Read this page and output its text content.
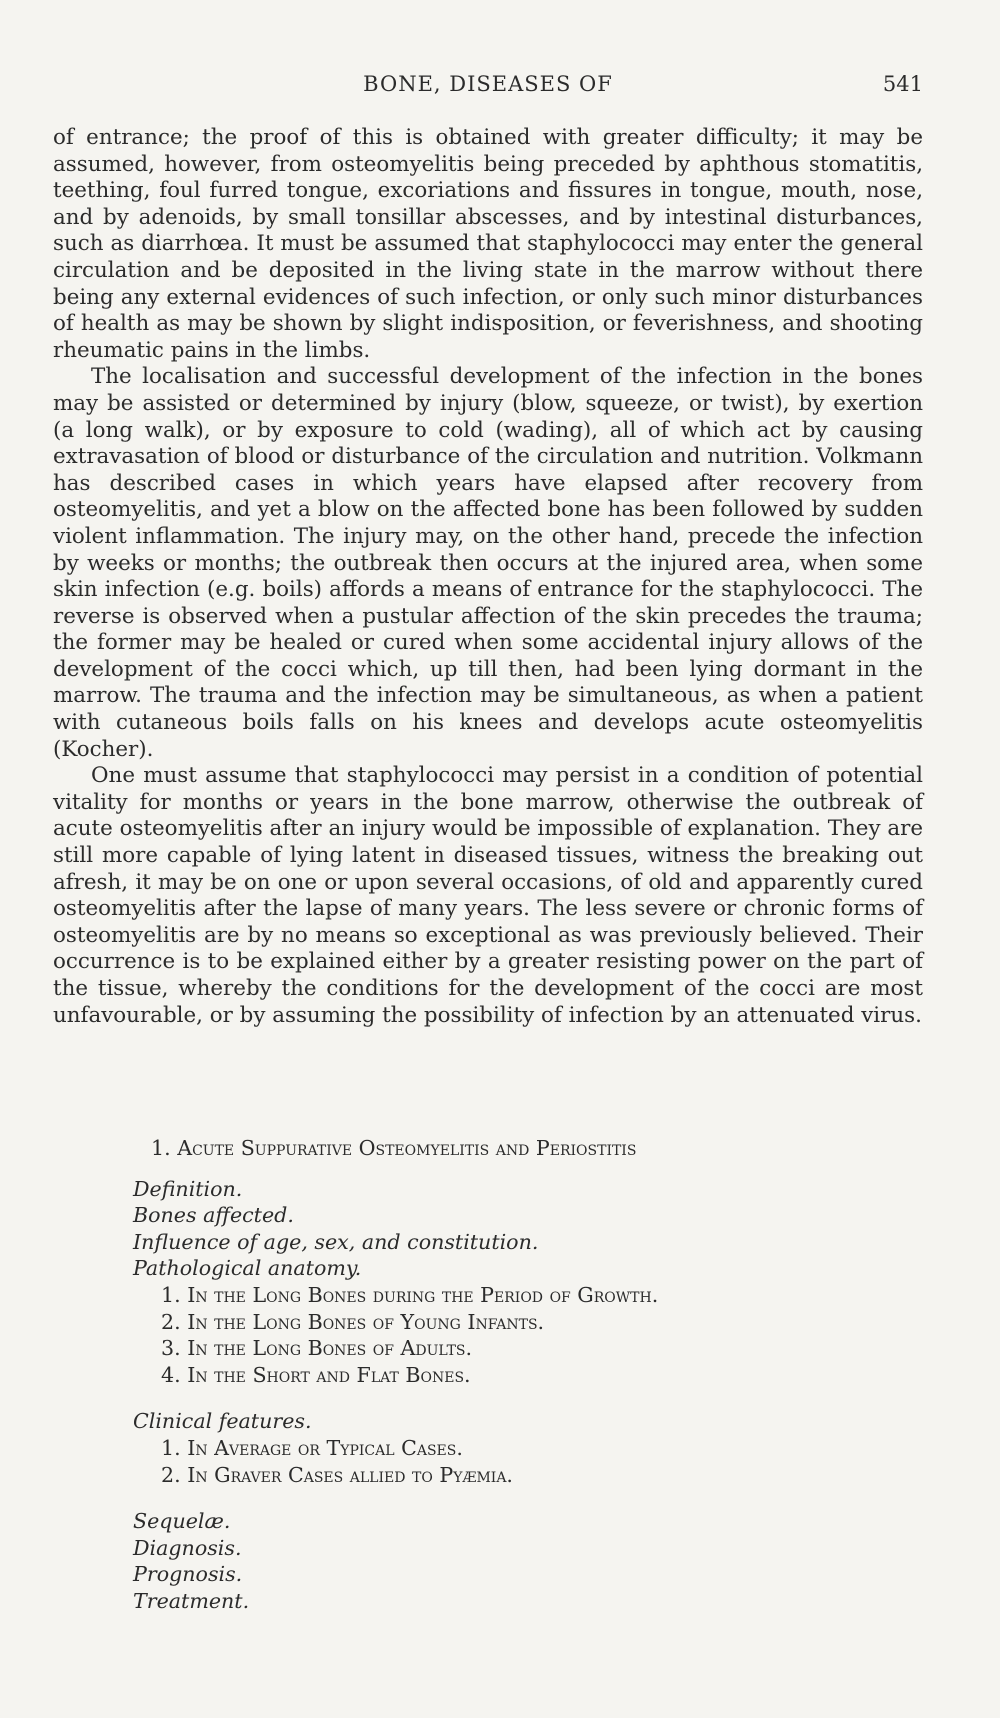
BONE, DISEASES OF	541

of entrance; the proof of this is obtained with greater difficulty; it may be assumed, however, from osteomyelitis being preceded by aphthous stomatitis, teething, foul furred tongue, excoriations and fissures in tongue, mouth, nose, and by adenoids, by small tonsillar abscesses, and by intestinal disturbances, such as diarrhœa. It must be assumed that staphylococci may enter the general circulation and be deposited in the living state in the marrow without there being any external evidences of such infection, or only such minor disturbances of health as may be shown by slight indisposition, or feverishness, and shooting rheumatic pains in the limbs.

The localisation and successful development of the infection in the bones may be assisted or determined by injury (blow, squeeze, or twist), by exertion (a long walk), or by exposure to cold (wading), all of which act by causing extravasation of blood or disturbance of the circulation and nutrition. Volkmann has described cases in which years have elapsed after recovery from osteomyelitis, and yet a blow on the affected bone has been followed by sudden violent inflammation. The injury may, on the other hand, precede the infection by weeks or months; the outbreak then occurs at the injured area, when some skin infection (e.g. boils) affords a means of entrance for the staphylococci. The reverse is observed when a pustular affection of the skin precedes the trauma; the former may be healed or cured when some accidental injury allows of the development of the cocci which, up till then, had been lying dormant in the marrow. The trauma and the infection may be simultaneous, as when a patient with cutaneous boils falls on his knees and develops acute osteomyelitis (Kocher).

One must assume that staphylococci may persist in a condition of potential vitality for months or years in the bone marrow, otherwise the outbreak of acute osteomyelitis after an injury would be impossible of explanation. They are still more capable of lying latent in diseased tissues, witness the breaking out afresh, it may be on one or upon several occasions, of old and apparently cured osteomyelitis after the lapse of many years. The less severe or chronic forms of osteomyelitis are by no means so exceptional as was previously believed. Their occurrence is to be explained either by a greater resisting power on the part of the tissue, whereby the conditions for the development of the cocci are most unfavourable, or by assuming the possibility of infection by an attenuated virus.

1. Acute Suppurative Osteomyelitis and Periostitis
Definition.
Bones affected.
Influence of age, sex, and constitution.
Pathological anatomy.
1. In the Long Bones during the Period of Growth.
2. In the Long Bones of Young Infants.
3. In the Long Bones of Adults.
4. In the Short and Flat Bones.
Clinical features.
1. In Average or Typical Cases.
2. In Graver Cases allied to Pyæmia.
Sequelæ.
Diagnosis.
Prognosis.
Treatment.
